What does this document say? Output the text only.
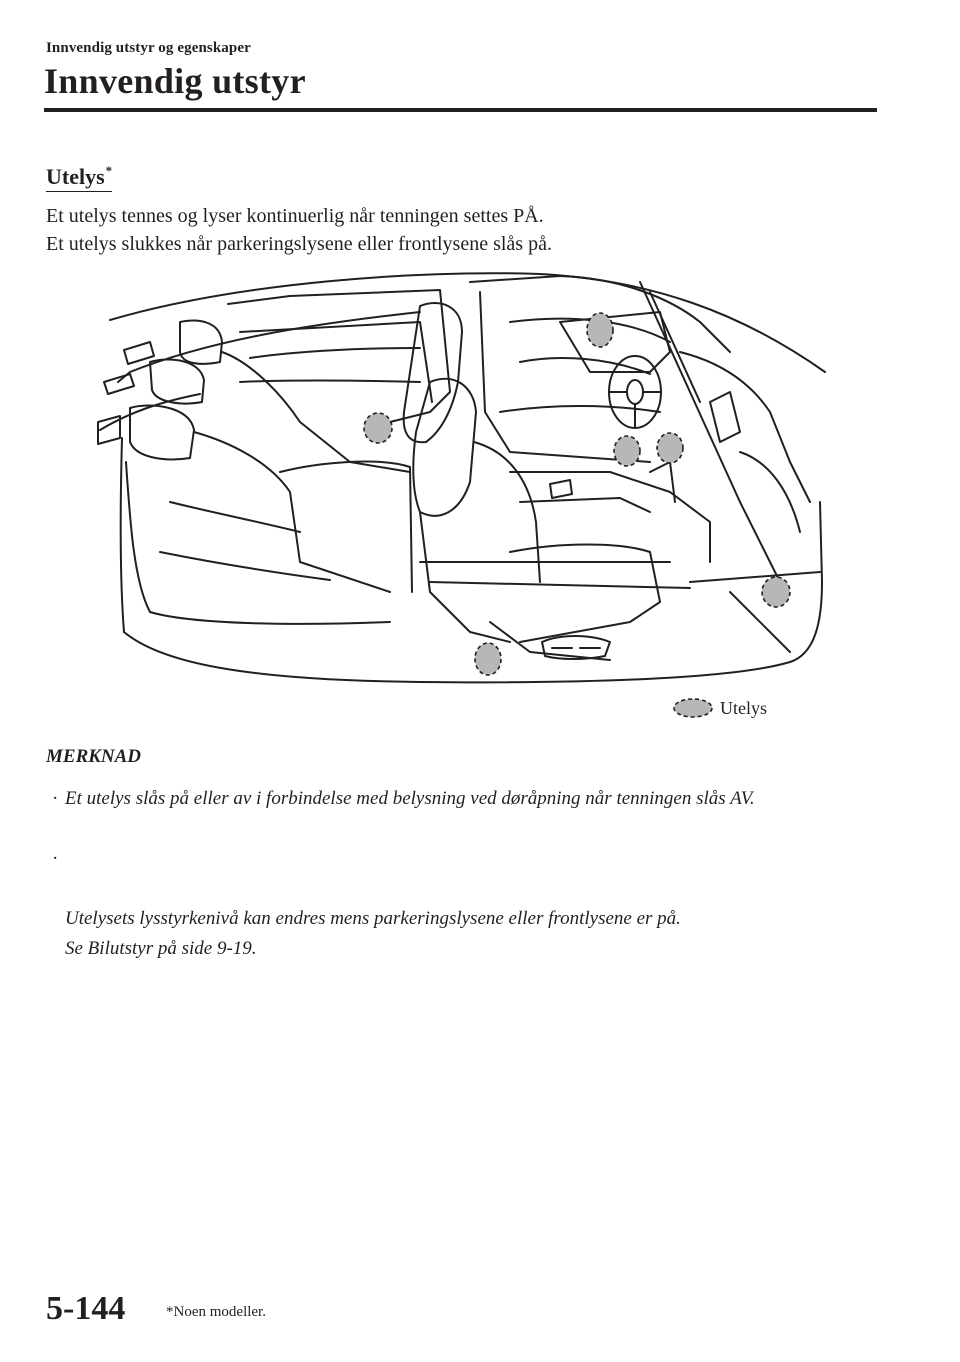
Innvendig utstyr og egenskaper
Innvendig utstyr
Utelys*
Et utelys tennes og lyser kontinuerlig når tenningen settes PÅ.
Et utelys slukkes når parkeringslysene eller frontlysene slås på.
Utelys
MERKNAD
· Et utelys slås på eller av i forbindelse med belysning ved døråpning når tenningen slås AV.

·

Utelysets lysstyrkenivå kan endres mens parkeringslysene eller frontlysene er på.
Se Bilutstyr på side 9-19.

5-144	*Noen modeller.
